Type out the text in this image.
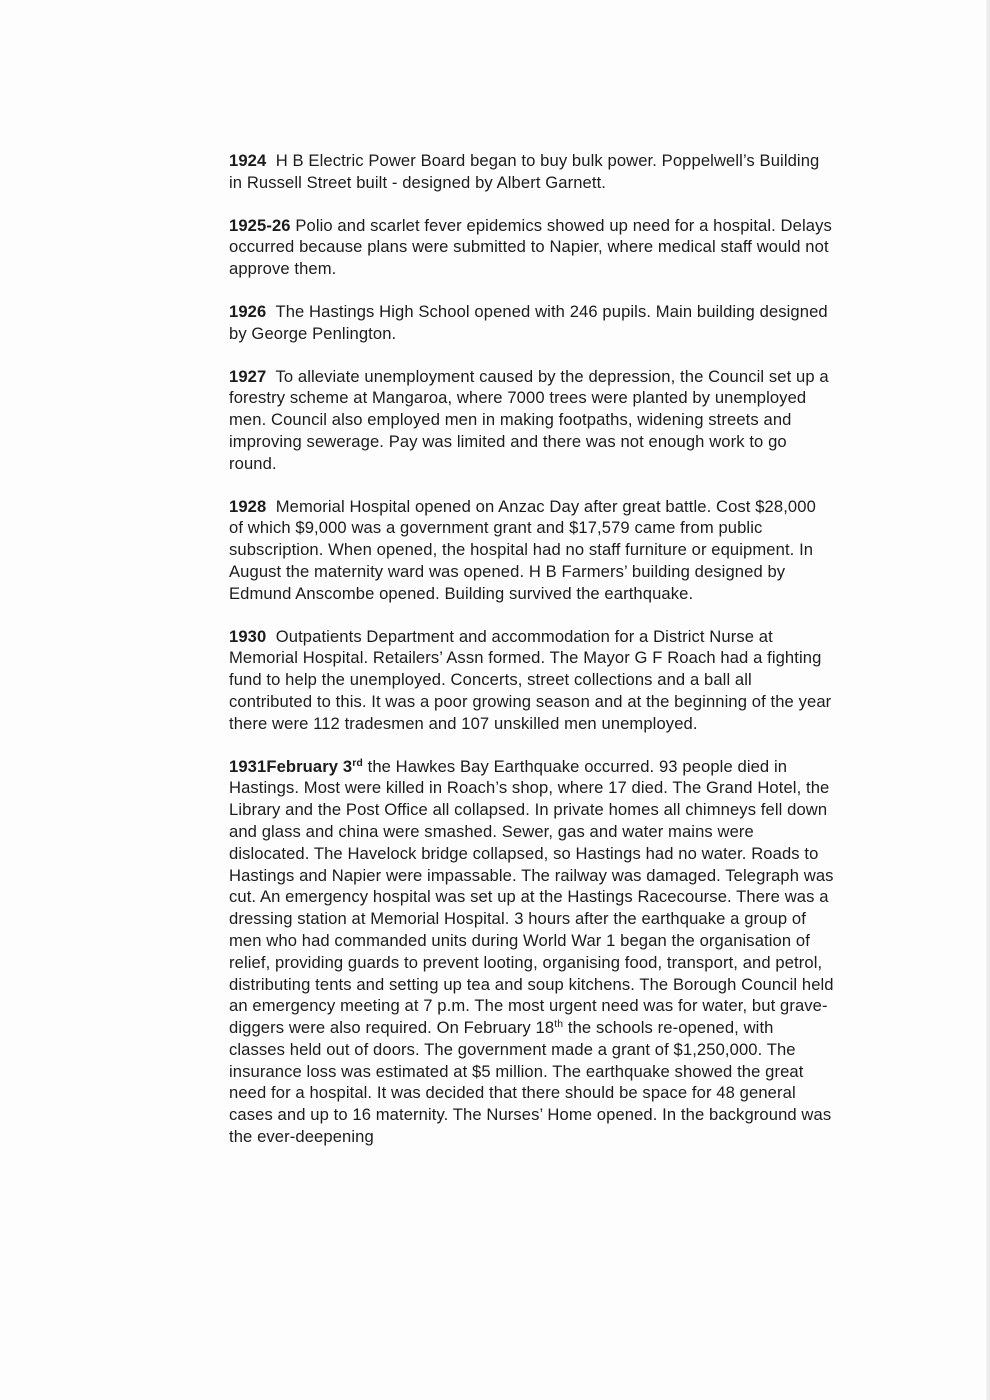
1924 H B Electric Power Board began to buy bulk power. Poppelwell’s Building in Russell Street built - designed by Albert Garnett.

1925-26 Polio and scarlet fever epidemics showed up need for a hospital. Delays occurred because plans were submitted to Napier, where medical staff would not approve them.

1926 The Hastings High School opened with 246 pupils. Main building designed by George Penlington.

1927 To alleviate unemployment caused by the depression, the Council set up a forestry scheme at Mangaroa, where 7000 trees were planted by unemployed men. Council also employed men in making footpaths, widening streets and improving sewerage. Pay was limited and there was not enough work to go round.

1928 Memorial Hospital opened on Anzac Day after great battle. Cost $28,000 of which $9,000 was a government grant and $17,579 came from public subscription. When opened, the hospital had no staff furniture or equipment. In August the maternity ward was opened. H B Farmers’ building designed by Edmund Anscombe opened. Building survived the earthquake.

1930 Outpatients Department and accommodation for a District Nurse at Memorial Hospital. Retailers’ Assn formed. The Mayor G F Roach had a fighting fund to help the unemployed. Concerts, street collections and a ball all contributed to this. It was a poor growing season and at the beginning of the year there were 112 tradesmen and 107 unskilled men unemployed.

1931February 3rd the Hawkes Bay Earthquake occurred. 93 people died in Hastings. Most were killed in Roach’s shop, where 17 died. The Grand Hotel, the Library and the Post Office all collapsed. In private homes all chimneys fell down and glass and china were smashed. Sewer, gas and water mains were dislocated. The Havelock bridge collapsed, so Hastings had no water. Roads to Hastings and Napier were impassable. The railway was damaged. Telegraph was cut. An emergency hospital was set up at the Hastings Racecourse. There was a dressing station at Memorial Hospital. 3 hours after the earthquake a group of men who had commanded units during World War 1 began the organisation of relief, providing guards to prevent looting, organising food, transport, and petrol, distributing tents and setting up tea and soup kitchens. The Borough Council held an emergency meeting at 7 p.m. The most urgent need was for water, but grave-diggers were also required. On February 18th the schools re-opened, with classes held out of doors. The government made a grant of $1,250,000. The insurance loss was estimated at $5 million. The earthquake showed the great need for a hospital. It was decided that there should be space for 48 general cases and up to 16 maternity. The Nurses’ Home opened. In the background was the ever-deepening
